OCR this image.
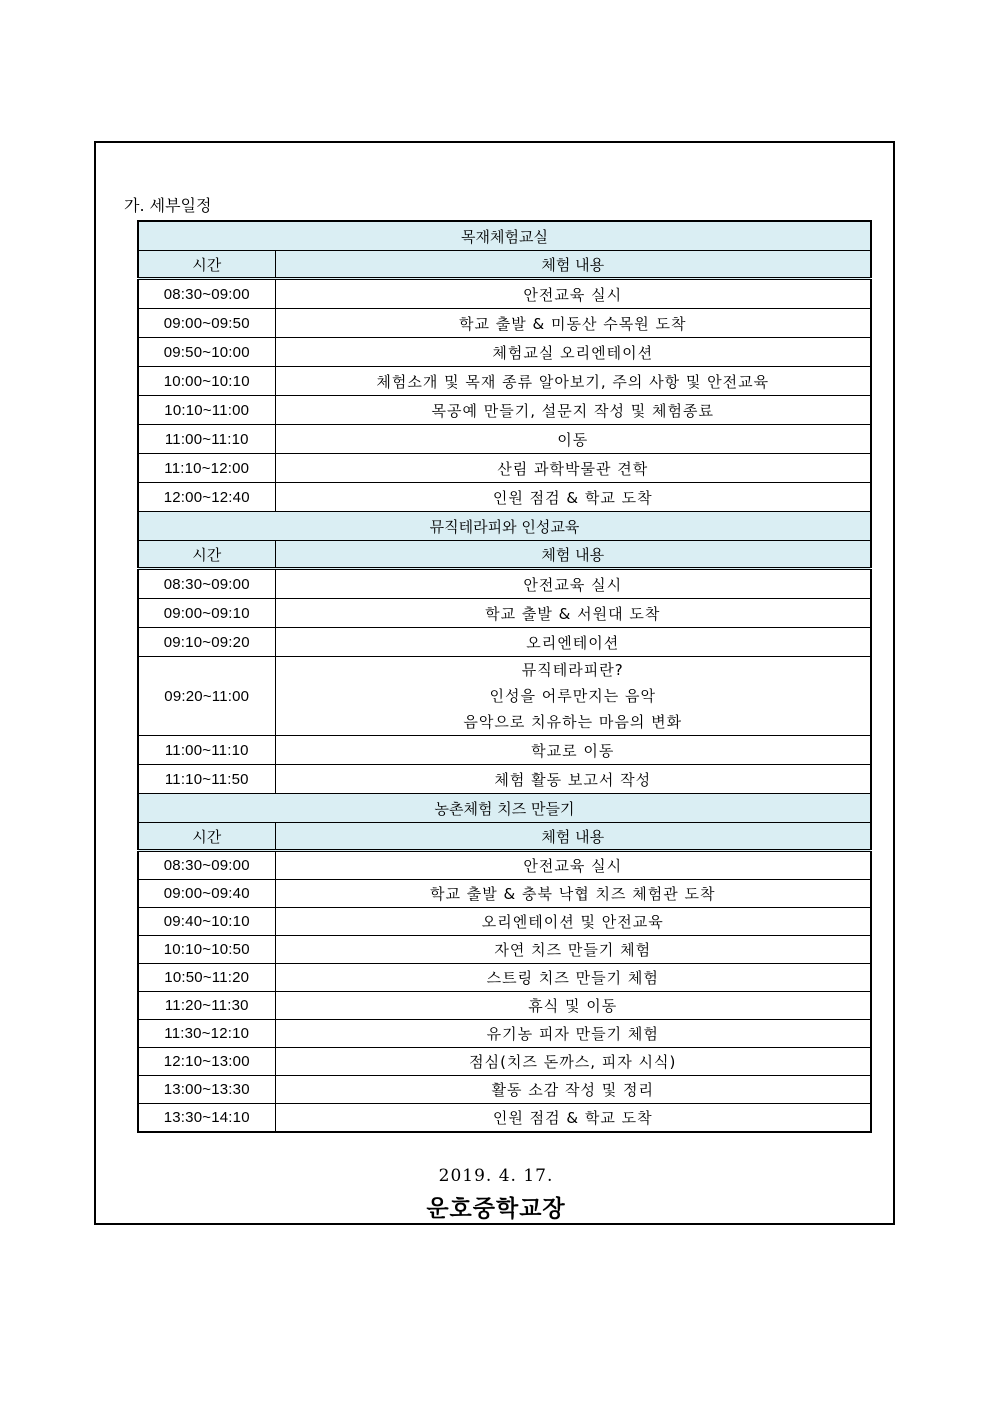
가. 세부일정
목재체험교실	
시간	체험 내용
08:30~09:00	안전교육 실시
09:00~09:50	학교 출발 & 미동산 수목원 도착
09:50~10:00	체험교실 오리엔테이션
10:00~10:10	체험소개 및 목재 종류 알아보기, 주의 사항 및 안전교육
10:10~11:00	목공예 만들기, 설문지 작성 및 체험종료
11:00~11:10	이동
11:10~12:00	산림 과학박물관 견학
12:00~12:40	인원 점검 & 학교 도착
뮤직테라피와 인성교육	
시간	체험 내용
08:30~09:00	안전교육 실시
09:00~09:10	학교 출발 & 서원대 도착
09:10~09:20	오리엔테이션
09:20~11:00	뮤직테라피란?
인성을 어루만지는 음악
음악으로 치유하는 마음의 변화

11:00~11:10	학교로 이동
11:10~11:50	체험 활동 보고서 작성
농촌체험 치즈 만들기	
시간	체험 내용
08:30~09:00	안전교육 실시
09:00~09:40	학교 출발 & 충북 낙협 치즈 체험관 도착
09:40~10:10	오리엔테이션 및 안전교육
10:10~10:50	자연 치즈 만들기 체험
10:50~11:20	스트링 치즈 만들기 체험
11:20~11:30	휴식 및 이동
11:30~12:10	유기농 피자 만들기 체험
12:10~13:00	점심(치즈 돈까스, 피자 시식)
13:00~13:30	활동 소감 작성 및 정리
13:30~14:10	인원 점검 & 학교 도착
2019. 4. 17.
운호중학교장
